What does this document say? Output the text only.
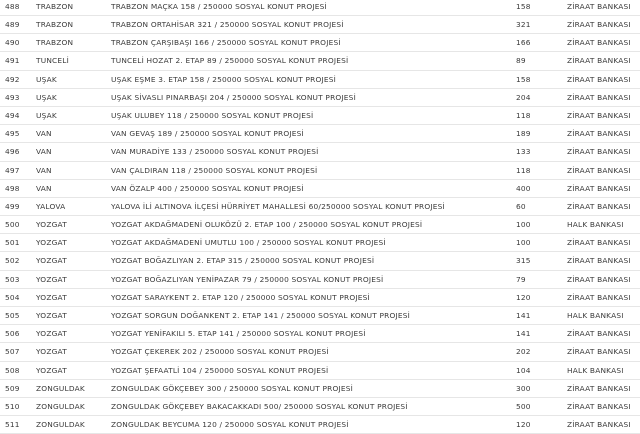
488 TRABZON	TRABZON MAÇKA 158 / 250000 SOSYAL KONUT PROJESİ	158	ZİRAAT BANKASI
489 TRABZON	TRABZON ORTAHİSAR 321 / 250000 SOSYAL KONUT PROJESİ	321	ZİRAAT BANKASI
490 TRABZON	TRABZON ÇARŞIBAŞI 166 / 250000 SOSYAL KONUT PROJESİ	166	ZİRAAT BANKASI
491 TUNCELİ	TUNCELİ HOZAT 2. ETAP 89 / 250000 SOSYAL KONUT PROJESİ	89	ZİRAAT BANKASI
492 UŞAK	UŞAK EŞME 3. ETAP 158 / 250000 SOSYAL KONUT PROJESİ	158	ZİRAAT BANKASI
493 UŞAK	UŞAK SİVASLI PINARBAŞI 204 / 250000 SOSYAL KONUT PROJESİ	204	ZİRAAT BANKASI
494 UŞAK	UŞAK ULUBEY 118 / 250000 SOSYAL KONUT PROJESİ	118	ZİRAAT BANKASI
495 VAN	VAN GEVAŞ 189 / 250000 SOSYAL KONUT PROJESİ	189	ZİRAAT BANKASI
496 VAN	VAN MURADİYE 133 / 250000 SOSYAL KONUT PROJESİ	133	ZİRAAT BANKASI
497 VAN	VAN ÇALDIRAN 118 / 250000 SOSYAL KONUT PROJESİ	118	ZİRAAT BANKASI
498 VAN	VAN ÖZALP 400 / 250000 SOSYAL KONUT PROJESİ	400	ZİRAAT BANKASI
499 YALOVA	YALOVA İLİ ALTINOVA İLÇESİ HÜRRİYET MAHALLESİ 60/250000 SOSYAL KONUT PROJESİ	60	ZİRAAT BANKASI
500 YOZGAT	YOZGAT AKDAĞMADENİ OLUKÖZÜ 2. ETAP 100 / 250000 SOSYAL KONUT PROJESİ	100	HALK BANKASI
501 YOZGAT	YOZGAT AKDAĞMADENİ UMUTLU 100 / 250000 SOSYAL KONUT PROJESİ	100	ZİRAAT BANKASI
502 YOZGAT	YOZGAT BOĞAZLIYAN 2. ETAP 315 / 250000 SOSYAL KONUT PROJESİ	315	ZİRAAT BANKASI
503 YOZGAT	YOZGAT BOĞAZLIYAN YENİPAZAR 79 / 250000 SOSYAL KONUT PROJESİ	79	ZİRAAT BANKASI
504 YOZGAT	YOZGAT SARAYKENT 2. ETAP 120 / 250000 SOSYAL KONUT PROJESİ	120	ZİRAAT BANKASI
505 YOZGAT	YOZGAT SORGUN DOĞANKENT 2. ETAP 141 / 250000 SOSYAL KONUT PROJESİ	141	HALK BANKASI
506 YOZGAT	YOZGAT YENİFAKILI 5. ETAP 141 / 250000 SOSYAL KONUT PROJESİ	141	ZİRAAT BANKASI
507 YOZGAT	YOZGAT ÇEKEREK 202 / 250000 SOSYAL KONUT PROJESİ	202	ZİRAAT BANKASI
508 YOZGAT	YOZGAT ŞEFAATLİ 104 / 250000 SOSYAL KONUT PROJESİ	104	HALK BANKASI
509 ZONGULDAK	ZONGULDAK GÖKÇEBEY 300 / 250000 SOSYAL KONUT PROJESİ	300	ZİRAAT BANKASI
510 ZONGULDAK	ZONGULDAK GÖKÇEBEY BAKACAKKADI 500/ 250000 SOSYAL KONUT PROJESİ	500	ZİRAAT BANKASI
511 ZONGULDAK	ZONGULDAK BEYCUMA 120 / 250000 SOSYAL KONUT PROJESİ	120	ZİRAAT BANKASI
